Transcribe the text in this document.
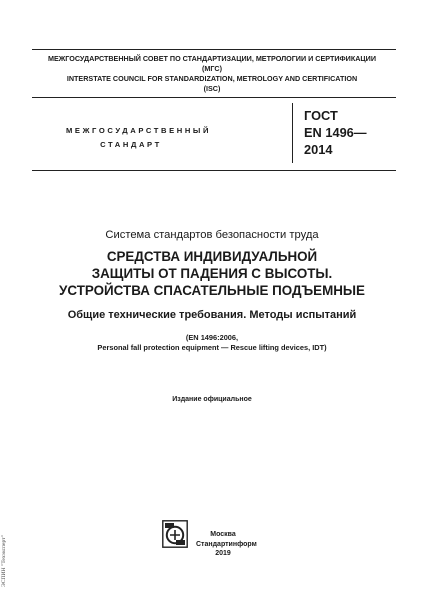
МЕЖГОСУДАРСТВЕННЫЙ СОВЕТ ПО СТАНДАРТИЗАЦИИ, МЕТРОЛОГИИ И СЕРТИФИКАЦИИ
(МГС)
INTERSTATE COUNCIL FOR STANDARDIZATION, METROLOGY AND CERTIFICATION
(ISC)
МЕЖГОСУДАРСТВЕННЫЙ
СТАНДАРТ
ГОСТ
EN 1496—
2014
Система стандартов безопасности труда
СРЕДСТВА ИНДИВИДУАЛЬНОЙ
ЗАЩИТЫ ОТ ПАДЕНИЯ С ВЫСОТЫ.
УСТРОЙСТВА СПАСАТЕЛЬНЫЕ ПОДЪЕМНЫЕ
Общие технические требования. Методы испытаний
(EN 1496:2006,
Personal fall protection equipment — Rescue lifting devices, IDT)
Издание официальное
Москва
Стандартинформ
2019
ЭСПИН "Техэксперт"
